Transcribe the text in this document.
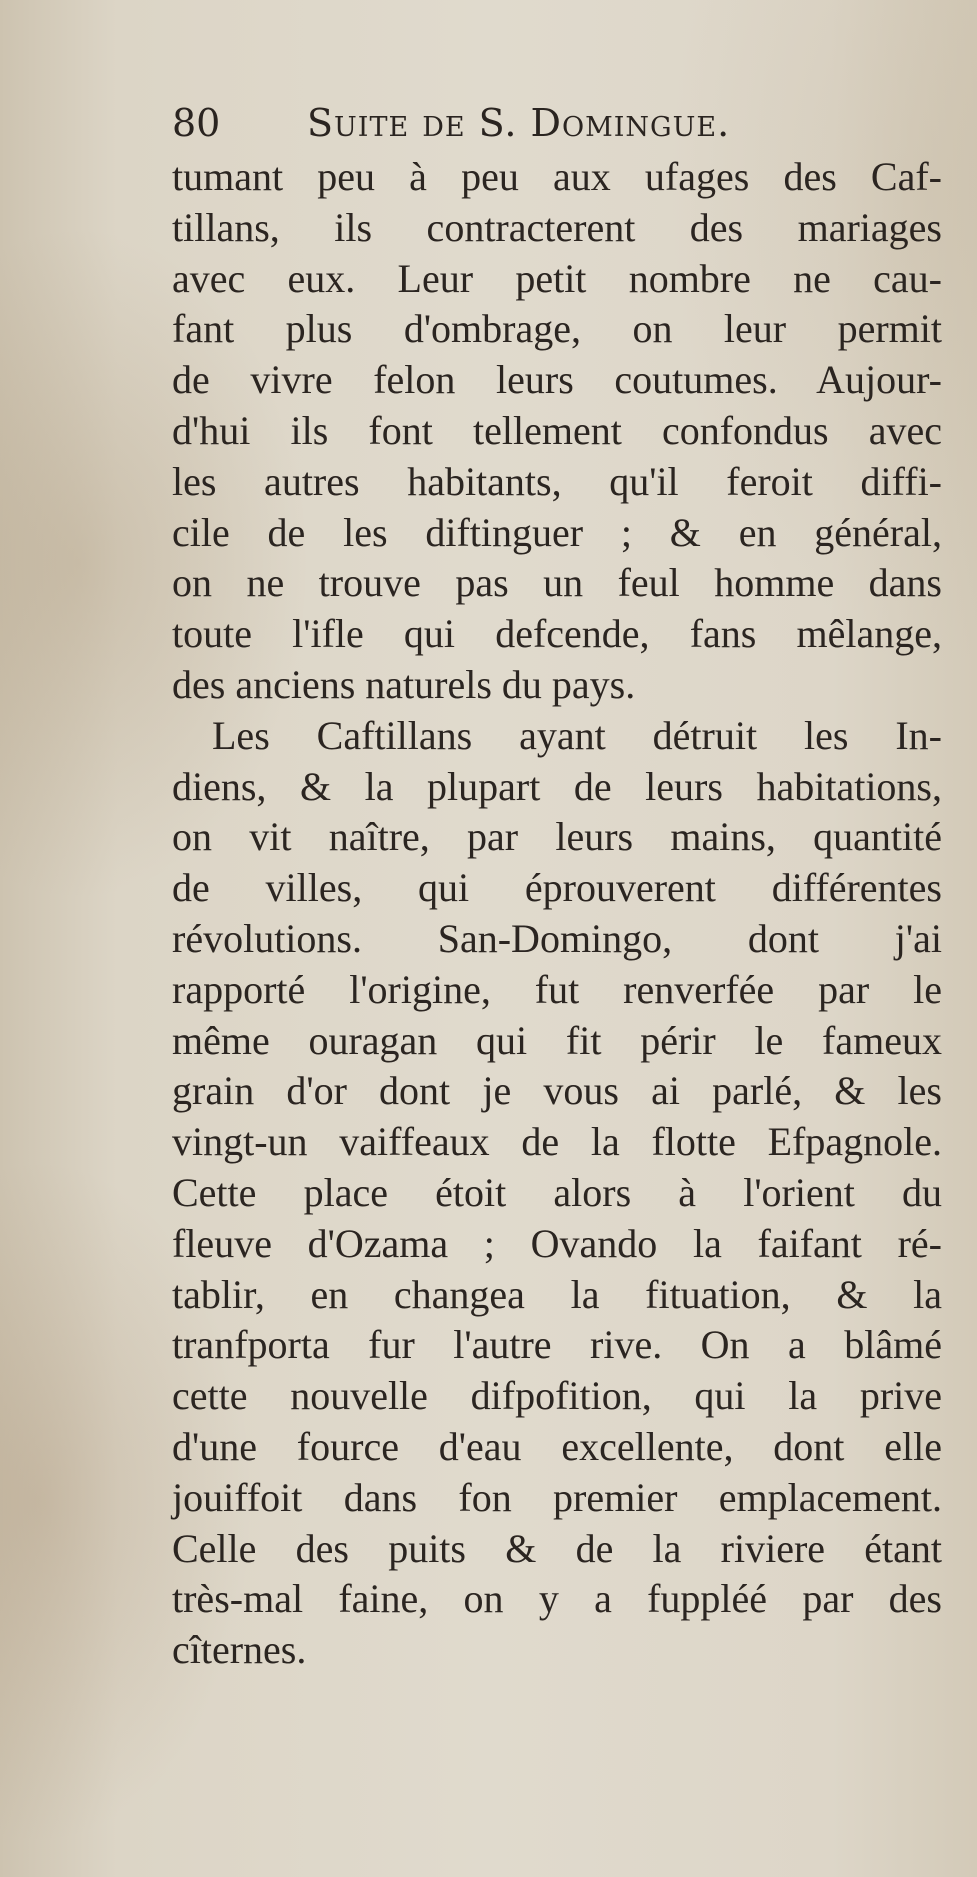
80 Suite de S. Domingue.
tumant peu à peu aux ufages des Caf-
tillans, ils contracterent des mariages
avec eux. Leur petit nombre ne cau-
fant plus d'ombrage, on leur permit
de vivre felon leurs coutumes. Aujour-
d'hui ils font tellement confondus avec
les autres habitants, qu'il feroit diffi-
cile de les diftinguer ; & en général,
on ne trouve pas un feul homme dans
toute l'ifle qui defcende, fans mêlange,
des anciens naturels du pays.
Les Caftillans ayant détruit les In-
diens, & la plupart de leurs habitations,
on vit naître, par leurs mains, quantité
de villes, qui éprouverent différentes
révolutions. San-Domingo, dont j'ai
rapporté l'origine, fut renverfée par le
même ouragan qui fit périr le fameux
grain d'or dont je vous ai parlé, & les
vingt-un vaiffeaux de la flotte Efpagnole.
Cette place étoit alors à l'orient du
fleuve d'Ozama ; Ovando la faifant ré-
tablir, en changea la fituation, & la
tranfporta fur l'autre rive. On a blâmé
cette nouvelle difpofition, qui la prive
d'une fource d'eau excellente, dont elle
jouiffoit dans fon premier emplacement.
Celle des puits & de la riviere étant
très-mal faine, on y a fuppléé par des
cîternes.
